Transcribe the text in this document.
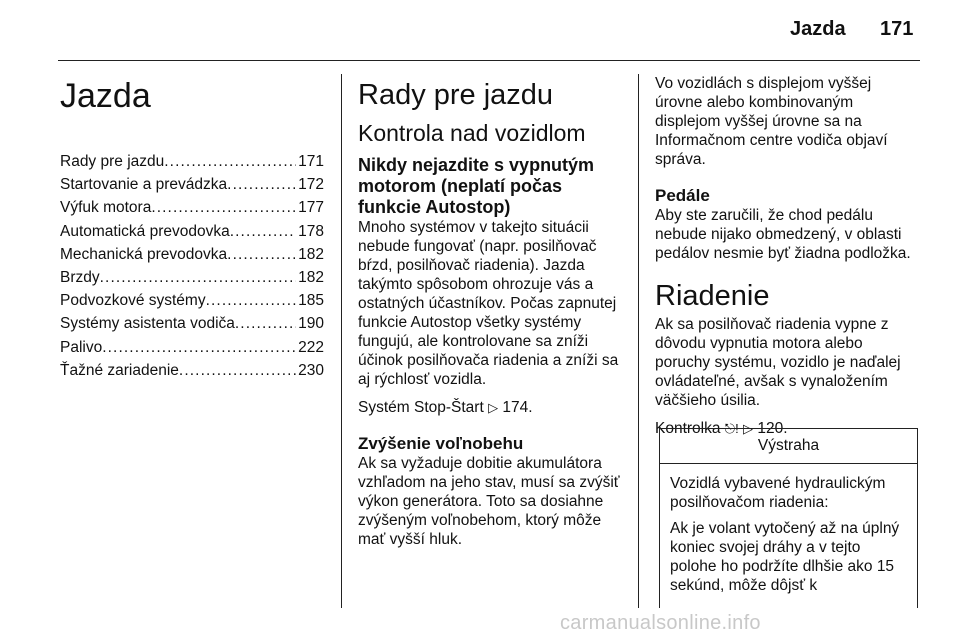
Jazda 171
Jazda
Rady pre jazdu . . .	171
Startovanie a prevádzka . . .	172
Výfuk motora . . .	177
Automatická prevodovka . . .	178
Mechanická prevodovka . . .	182
Brzdy . . .	182
Podvozkové systémy . . .	185
Systémy asistenta vodiča . . .	190
Palivo . . .	222
Ťažné zariadenie . . .	230
Rady pre jazdu
Kontrola nad vozidlom
Nikdy nejazdite s vypnutým motorom (neplatí počas funkcie Autostop)

Mnoho systémov v takejto situácii nebude fungovať (napr. posilňovač bŕzd, posilňovač riadenia). Jazda takýmto spôsobom ohrozuje vás a ostatných účastníkov. Počas zapnutej funkcie Autostop všetky systémy fungujú, ale kontrolovane sa zníži účinok posilňovača riadenia a zníži sa aj rýchlosť vozidla.

Systém Stop-Štart ▷ 174.

Zvýšenie voľnobehu

Ak sa vyžaduje dobitie akumulátora vzhľadom na jeho stav, musí sa zvýšiť výkon generátora. Toto sa dosiahne zvýšeným voľnobehom, ktorý môže mať vyšší hluk.

Vo vozidlách s displejom vyššej úrovne alebo kombinovaným displejom vyššej úrovne sa na Informačnom centre vodiča objaví správa.

Pedále

Aby ste zaručili, že chod pedálu nebude nijako obmedzený, v oblasti pedálov nesmie byť žiadna podložka.

Riadenie

Ak sa posilňovač riadenia vypne z dôvodu vypnutia motora alebo poruchy systému, vozidlo je naďalej ovládateľné, avšak s vynaložením väčšieho úsilia.

Kontrolka ⎋! ▷ 120.

Výstraha

Vozidlá vybavené hydraulickým posilňovačom riadenia:

Ak je volant vytočený až na úplný koniec svojej dráhy a v tejto polohe ho podržíte dlhšie ako 15 sekúnd, môže dôjsť k

carmanualsonline.info
